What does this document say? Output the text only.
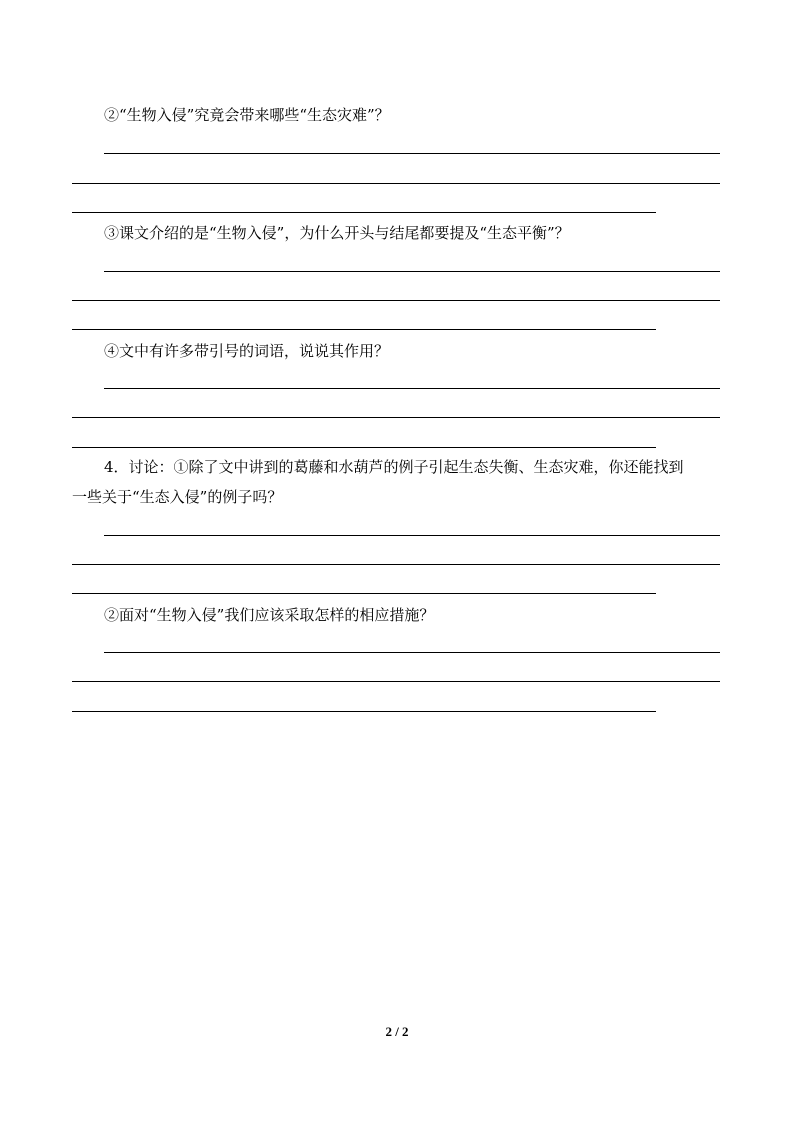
②“生物入侵”究竟会带来哪些“生态灾难”？
③课文介绍的是“生物入侵”，为什么开头与结尾都要提及“生态平衡”？
④文中有许多带引号的词语，说说其作用？
4．讨论：①除了文中讲到的葛藤和水葫芦的例子引起生态失衡、生态灾难，你还能找到
一些关于“生态入侵”的例子吗？
②面对“生物入侵”我们应该采取怎样的相应措施？
2 / 2
